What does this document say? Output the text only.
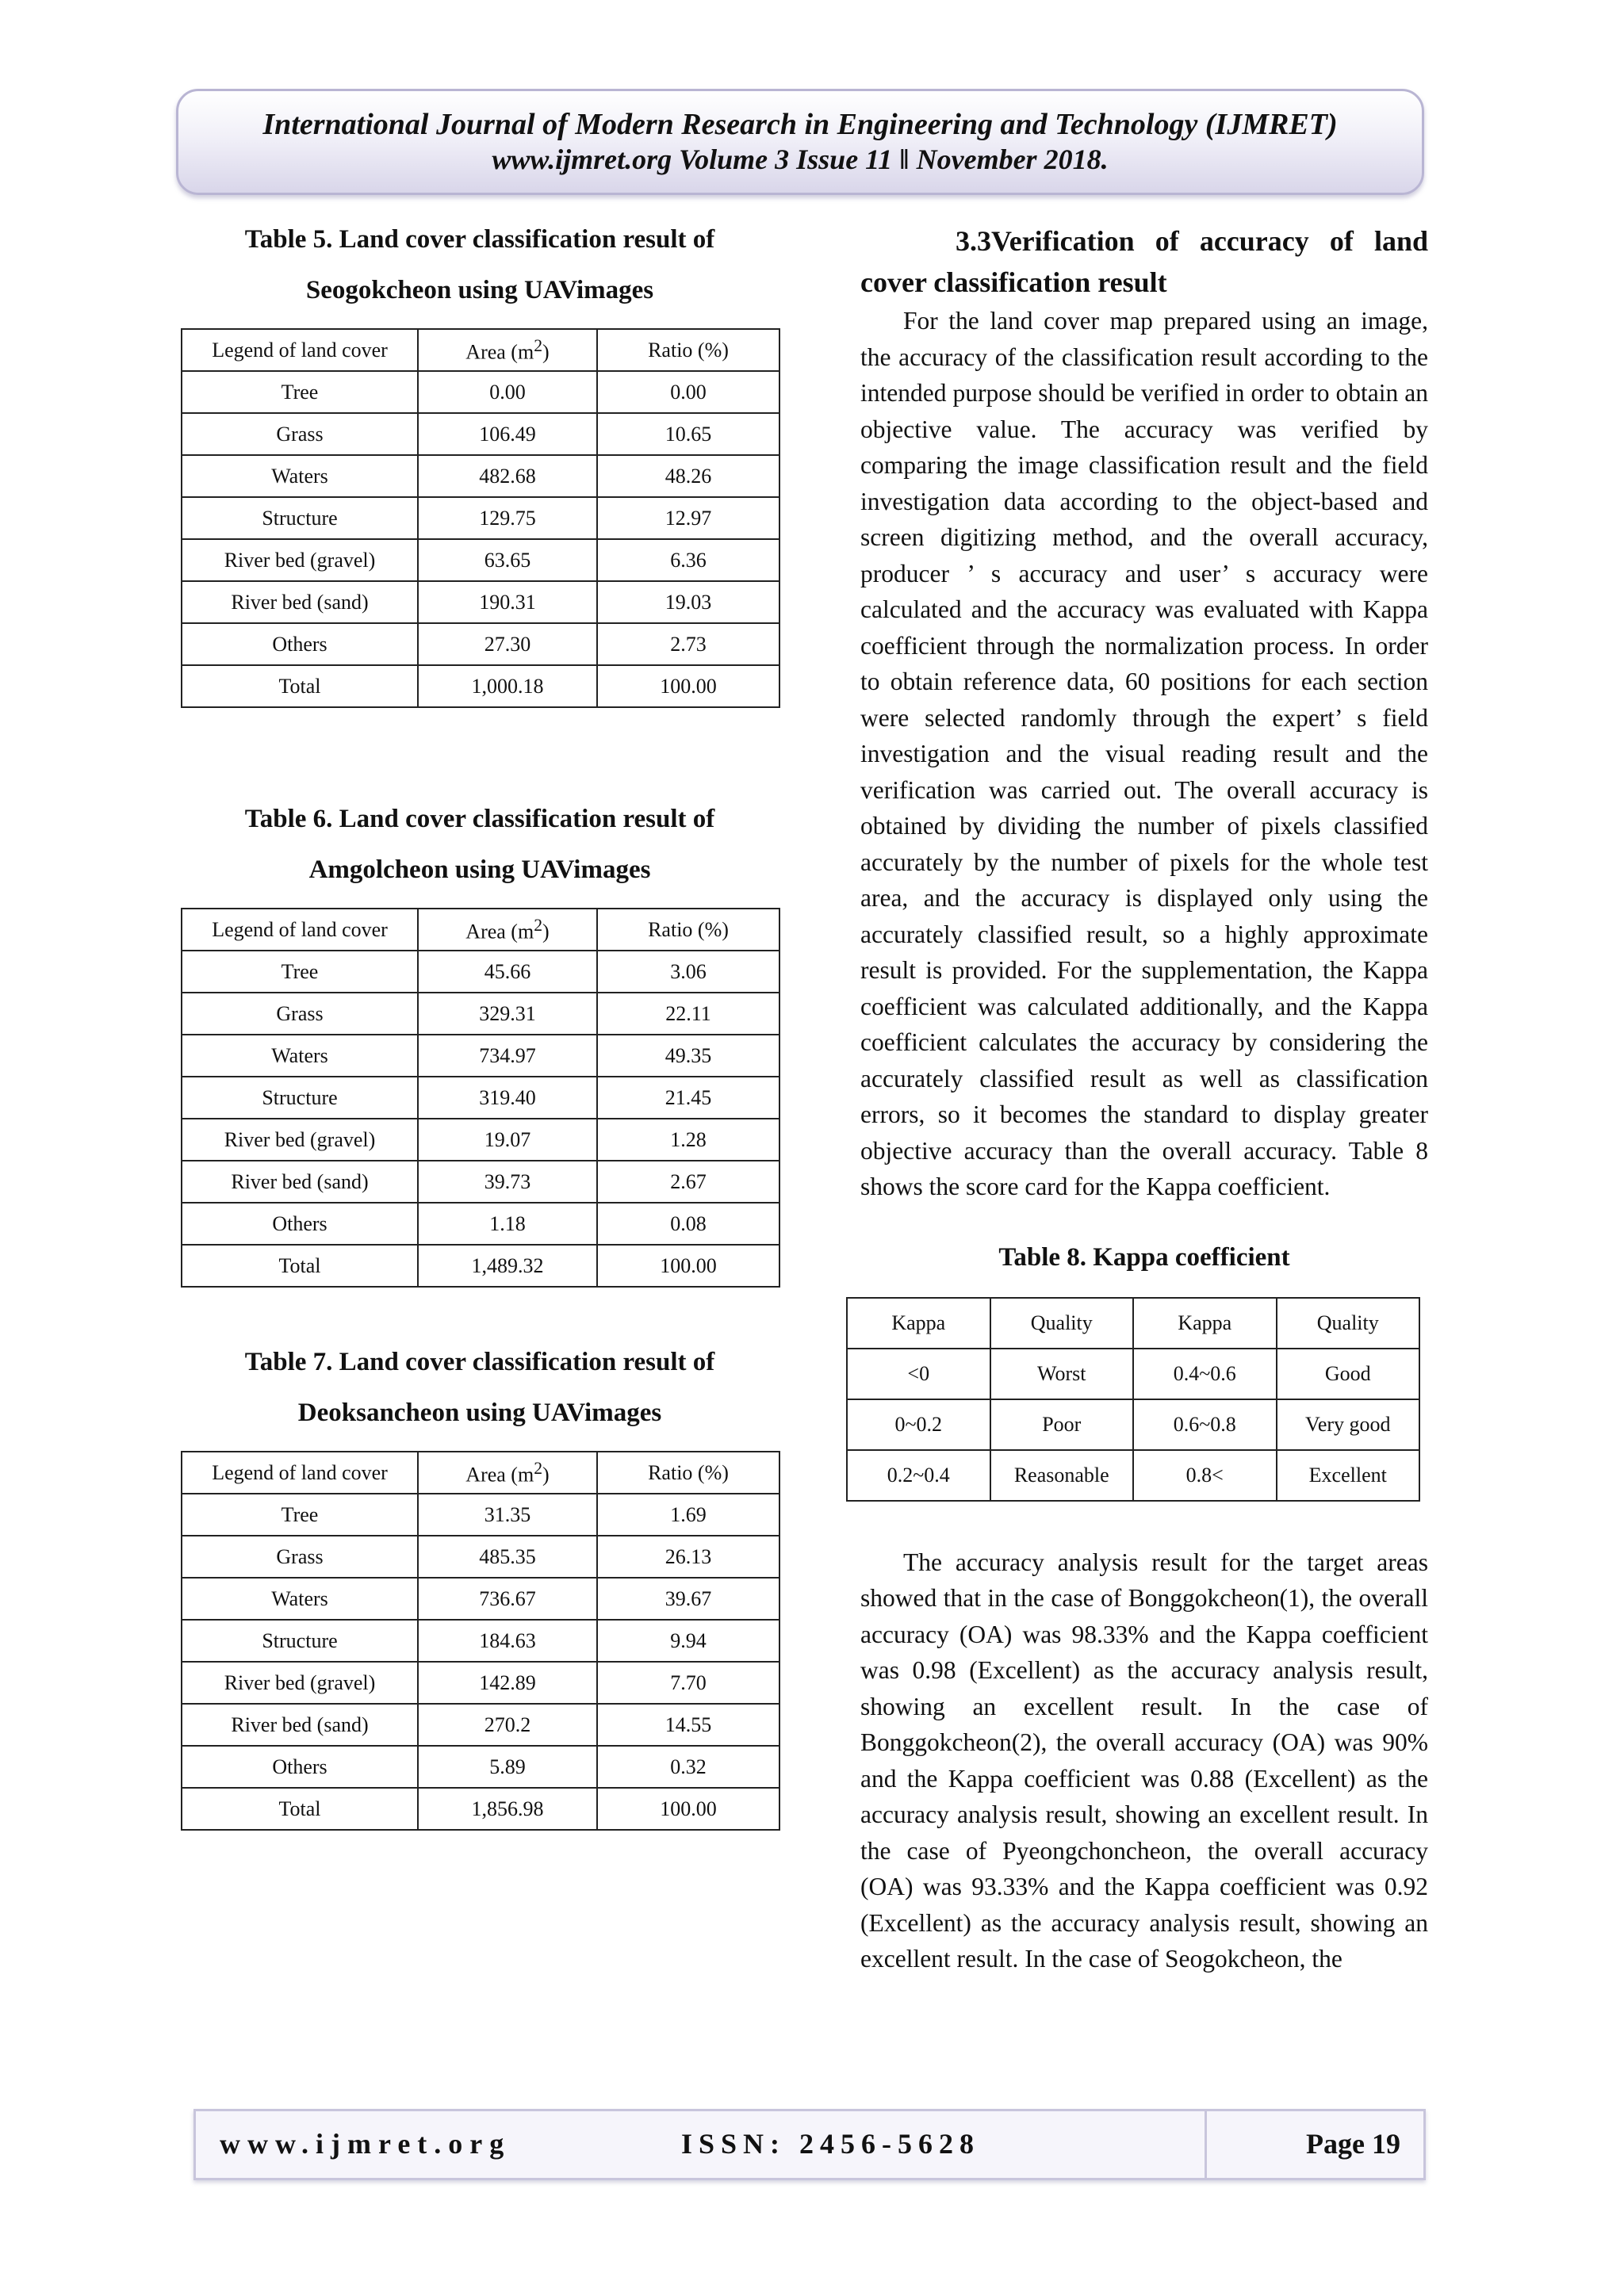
International Journal of Modern Research in Engineering and Technology (IJMRET)
www.ijmret.org Volume 3 Issue 11 ǁ November 2018.
Table 5. Land cover classification result of
Seogokcheon using UAVimages
Legend of land cover	Area $(m^2)$	Ratio (%)
Tree	0.00	0.00
Grass	106.49	10.65
Waters	482.68	48.26
Structure	129.75	12.97
River bed (gravel)	63.65	6.36
River bed (sand)	190.31	19.03
Others	27.30	2.73
Total	1,000.18	100.00
Table 6. Land cover classification result of
Amgolcheon using UAVimages
Legend of land cover	Area $(m^2)$	Ratio (%)
Tree	45.66	3.06
Grass	329.31	22.11
Waters	734.97	49.35
Structure	319.40	21.45
River bed (gravel)	19.07	1.28
River bed (sand)	39.73	2.67
Others	1.18	0.08
Total	1,489.32	100.00
Table 7. Land cover classification result of
Deoksancheon using UAVimages
Legend of land cover	Area $(m^2)$	Ratio (%)
Tree	31.35	1.69
Grass	485.35	26.13
Waters	736.67	39.67
Structure	184.63	9.94
River bed (gravel)	142.89	7.70
River bed (sand)	270.2	14.55
Others	5.89	0.32
Total	1,856.98	100.00
3.3Verification of accuracy of land
cover classification result

For the land cover map prepared using an image, the accuracy of the classification result according to the intended purpose should be verified in order to obtain an objective value. The accuracy was verified by comparing the image classification result and the field investigation data according to the object-based and screen digitizing method, and the overall accuracy, producer ’ s accuracy and user’ s accuracy were calculated and the accuracy was evaluated with Kappa coefficient through the normalization process. In order to obtain reference data, 60 positions for each section were selected randomly through the expert’ s field investigation and the visual reading result and the verification was carried out. The overall accuracy is obtained by dividing the number of pixels classified accurately by the number of pixels for the whole test area, and the accuracy is displayed only using the accurately classified result, so a highly approximate result is provided. For the supplementation, the Kappa coefficient was calculated additionally, and the Kappa coefficient calculates the accuracy by considering the accurately classified result as well as classification errors, so it becomes the standard to display greater objective accuracy than the overall accuracy. Table 8 shows the score card for the Kappa coefficient.

Table 8. Kappa coefficient
Kappa	Quality	Kappa	Quality
<0	Worst	0.4~0.6	Good
0~0.2	Poor	0.6~0.8	Very good
0.2~0.4	Reasonable	0.8<	Excellent

The accuracy analysis result for the target areas showed that in the case of Bonggokcheon(1), the overall accuracy (OA) was 98.33% and the Kappa coefficient was 0.98 (Excellent) as the accuracy analysis result, showing an excellent result. In the case of Bonggokcheon(2), the overall accuracy (OA) was 90% and the Kappa coefficient was 0.88 (Excellent) as the accuracy analysis result, showing an excellent result. In the case of Pyeongchoncheon, the overall accuracy (OA) was 93.33% and the Kappa coefficient was 0.92 (Excellent) as the accuracy analysis result, showing an excellent result. In the case of Seogokcheon, the

www.ijmret.org	ISSN: 2456-5628	Page 19
